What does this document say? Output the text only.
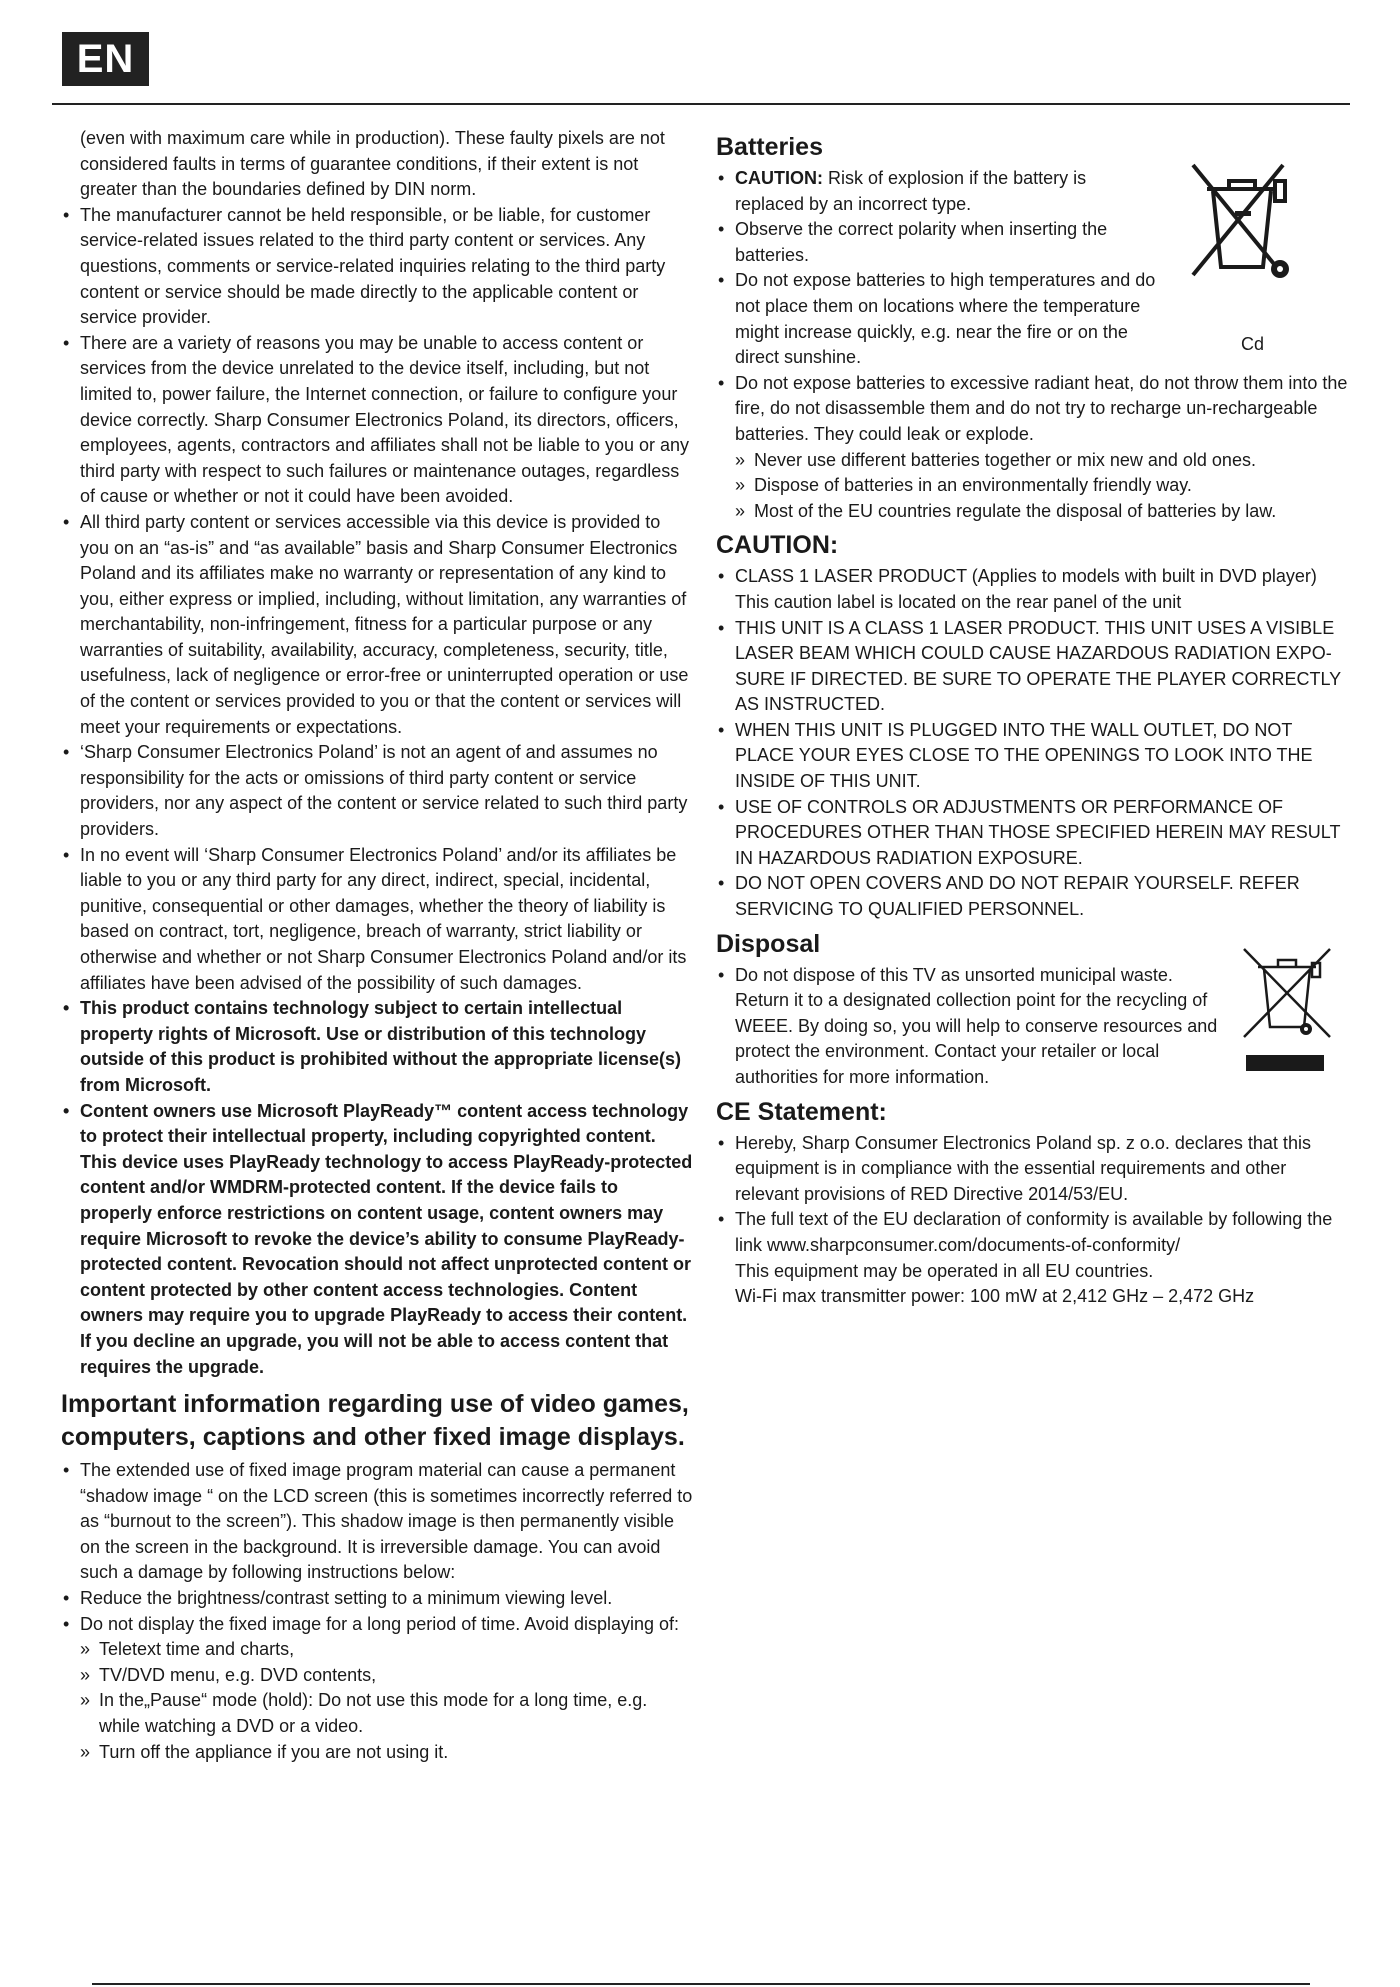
EN
(even with maximum care while in production). These faulty pixels are not considered faults in terms of guarantee conditions, if their extent is not greater than the boundaries defined by DIN norm.
• The manufacturer cannot be held responsible, or be liable, for customer service-related issues related to the third party content or services. Any questions, comments or service-related inquiries relating to the third party content or service should be made directly to the applicable content or service provider.
• There are a variety of reasons you may be unable to access content or services from the device unrelated to the device itself, including, but not limited to, power failure, the Internet connection, or failure to configure your device correctly. Sharp Consumer Electronics Poland, its directors, officers, employees, agents, contractors and affiliates shall not be liable to you or any third party with respect to such failures or maintenance outages, regardless of cause or whether or not it could have been avoided.
• All third party content or services accessible via this device is provided to you on an “as-is” and “as available” basis and Sharp Consumer Electronics Poland and its affiliates make no warranty or representation of any kind to you, either express or implied, including, without limitation, any warranties of merchantability, non-infringement, fitness for a particular purpose or any warranties of suitability, availability, accuracy, completeness, security, title, usefulness, lack of negligence or error-free or uninterrupted operation or use of the content or services provided to you or that the content or services will meet your requirements or expectations.
• ‘Sharp Consumer Electronics Poland’ is not an agent of and assumes no responsibility for the acts or omissions of third party content or service providers, nor any aspect of the content or service related to such third party providers.
• In no event will ‘Sharp Consumer Electronics Poland’ and/or its affiliates be liable to you or any third party for any direct, indirect, special, incidental, punitive, consequential or other damages, whether the theory of liability is based on contract, tort, negligence, breach of warranty, strict liability or otherwise and whether or not Sharp Consumer Electronics Poland and/or its affiliates have been advised of the possibility of such damages.
• This product contains technology subject to certain intellectual property rights of Microsoft. Use or distribution of this technology outside of this product is prohibited without the appropriate license(s) from Microsoft.
• Content owners use Microsoft PlayReady™ content access technology to protect their intellectual property, including copyrighted content. This device uses PlayReady technology to access PlayReady-protected content and/or WMDRM-protected content. If the device fails to properly enforce restrictions on content usage, content owners may require Microsoft to revoke the device’s ability to consume PlayReady-protected content. Revocation should not affect unprotected content or content protected by other content access technologies. Content owners may require you to upgrade PlayReady to access their content. If you decline an upgrade, you will not be able to access content that requires the upgrade.
Important information regarding use of video games, computers, captions and other fixed image displays.
• The extended use of fixed image program material can cause a permanent “shadow image “ on the LCD screen (this is sometimes incorrectly referred to as “burnout to the screen”). This shadow image is then permanently visible on the screen in the background. It is irreversible damage. You can avoid such a damage by following instructions below:
• Reduce the brightness/contrast setting to a minimum viewing level.
• Do not display the fixed image for a long period of time. Avoid displaying of:
» Teletext time and charts,
» TV/DVD menu, e.g. DVD contents,
» In the„Pause“ mode (hold): Do not use this mode for a long time, e.g. while watching a DVD or a video.
» Turn off the appliance if you are not using it.
Cd
Batteries
• CAUTION: Risk of explosion if the battery is replaced by an incorrect type.
• Observe the correct polarity when inserting the batteries.
• Do not expose batteries to high temperatures and do not place them on locations where the temperature might increase quickly, e.g. near the fire or on the direct sunshine.
• Do not expose batteries to excessive radiant heat, do not throw them into the fire, do not disassemble them and do not try to recharge un-rechargeable batteries. They could leak or explode.
» Never use different batteries together or mix new and old ones.
» Dispose of batteries in an environmentally friendly way.
» Most of the EU countries regulate the disposal of batteries by law.
CAUTION:
• CLASS 1 LASER PRODUCT (Applies to models with built in DVD player) This caution label is located on the rear panel of the unit
• THIS UNIT IS A CLASS 1 LASER PRODUCT. THIS UNIT USES A VISIBLE LASER BEAM WHICH COULD CAUSE HAZARDOUS RADIATION EXPOSURE IF DIRECTED. BE SURE TO OPERATE THE PLAYER CORRECTLY AS INSTRUCTED.
• WHEN THIS UNIT IS PLUGGED INTO THE WALL OUTLET, DO NOT PLACE YOUR EYES CLOSE TO THE OPENINGS TO LOOK INTO THE INSIDE OF THIS UNIT.
• USE OF CONTROLS OR ADJUSTMENTS OR PERFORMANCE OF PROCEDURES OTHER THAN THOSE SPECIFIED HEREIN MAY RESULT IN HAZARDOUS RADIATION EXPOSURE.
• DO NOT OPEN COVERS AND DO NOT REPAIR YOURSELF. REFER SERVICING TO QUALIFIED PERSONNEL.
Disposal
• Do not dispose of this TV as unsorted municipal waste. Return it to a designated collection point for the recycling of WEEE. By doing so, you will help to conserve resources and protect the environment. Contact your retailer or local authorities for more information.
CE Statement:
• Hereby, Sharp Consumer Electronics Poland sp. z o.o. declares that this equipment is in compliance with the essential requirements and other relevant provisions of RED Directive 2014/53/EU.
• The full text of the EU declaration of conformity is available by following the link www.sharpconsumer.com/documents-of-conformity/
This equipment may be operated in all EU countries.
Wi-Fi max transmitter power: 100 mW at 2,412 GHz – 2,472 GHz
